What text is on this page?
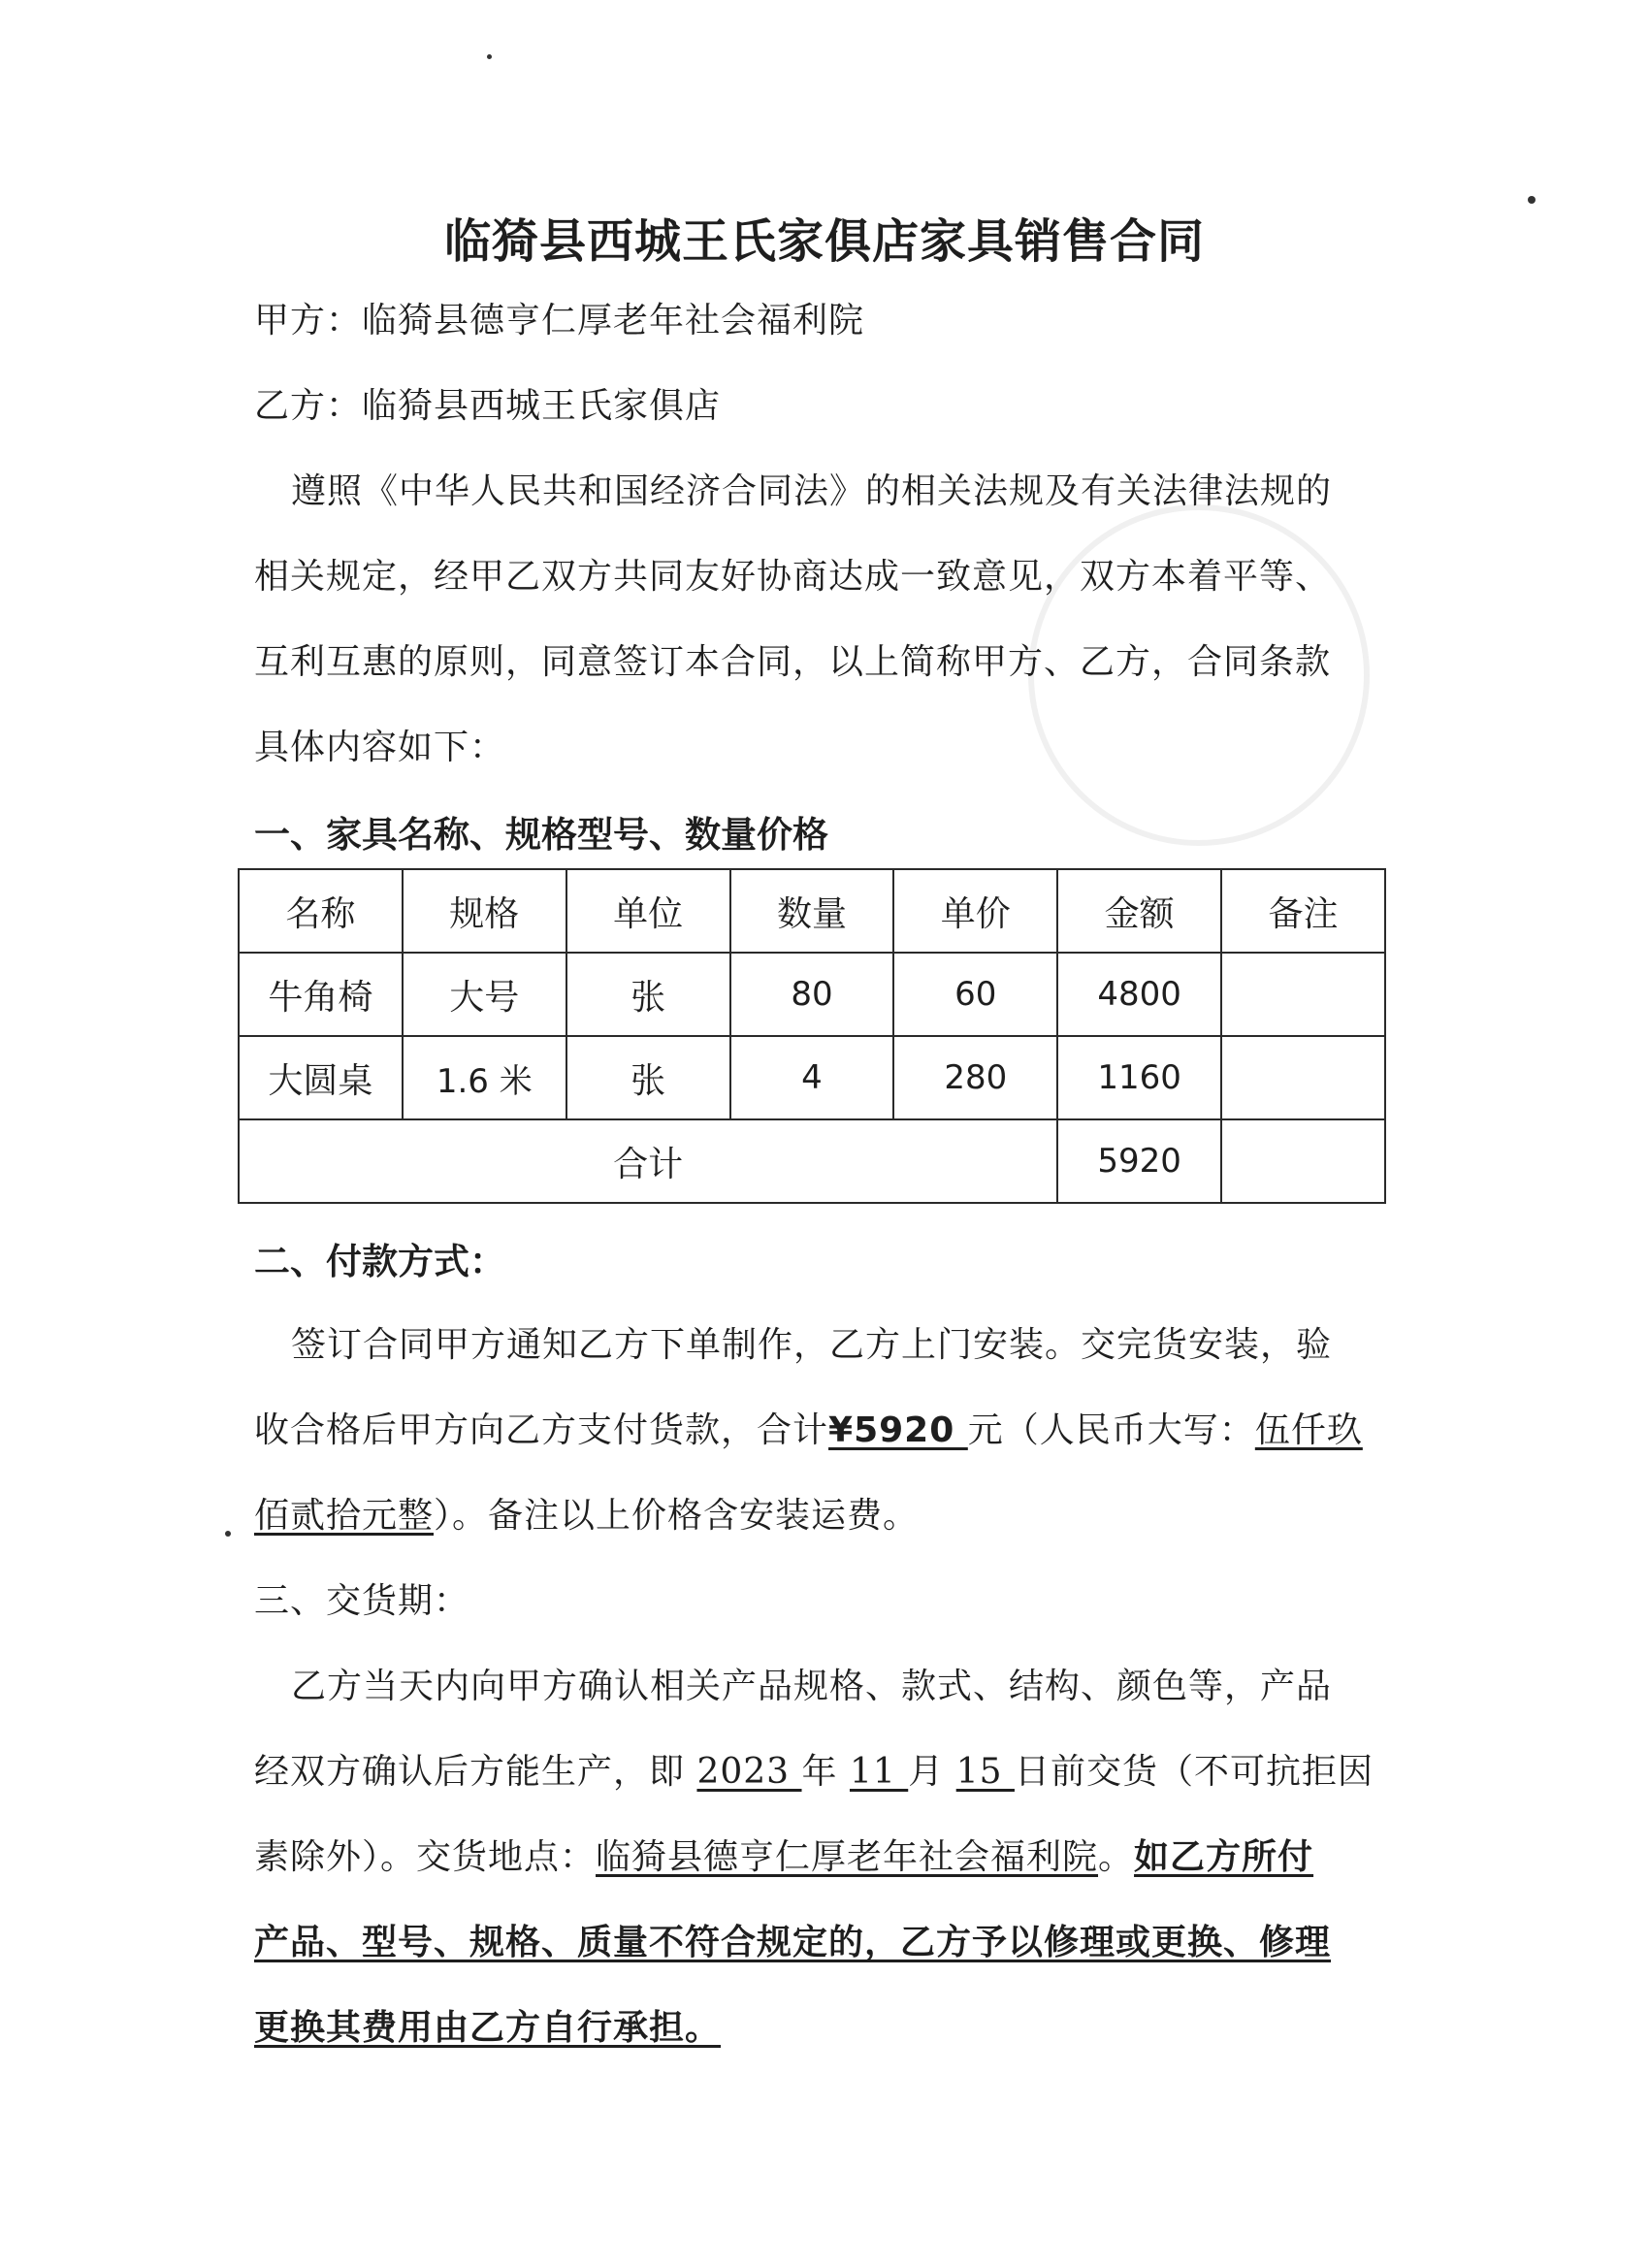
临猗县西城王氏家俱店家具销售合同
甲方：临猗县德亨仁厚老年社会福利院
乙方：临猗县西城王氏家俱店
遵照《中华人民共和国经济合同法》的相关法规及有关法律法规的
相关规定，经甲乙双方共同友好协商达成一致意见，双方本着平等、
互利互惠的原则，同意签订本合同，以上简称甲方、乙方，合同条款
具体内容如下：
一、家具名称、规格型号、数量价格
名称	规格	单位	数量	单价	金额	备注
牛角椅	大号	张	80	60	4800	
大圆桌	1.6 米	张	4	280	1160	
合计					5920	
二、付款方式：
签订合同甲方通知乙方下单制作，乙方上门安装。交完货安装，验
收合格后甲方向乙方支付货款，合计¥5920 元（人民币大写：伍仟玖
佰贰拾元整）。备注以上价格含安装运费。
三、交货期：
乙方当天内向甲方确认相关产品规格、款式、结构、颜色等，产品
经双方确认后方能生产，即 2023 年 11 月 15 日前交货（不可抗拒因
素除外）。交货地点：临猗县德亨仁厚老年社会福利院。如乙方所付
产品、型号、规格、质量不符合规定的，乙方予以修理或更换、修理
更换其费用由乙方自行承担。
